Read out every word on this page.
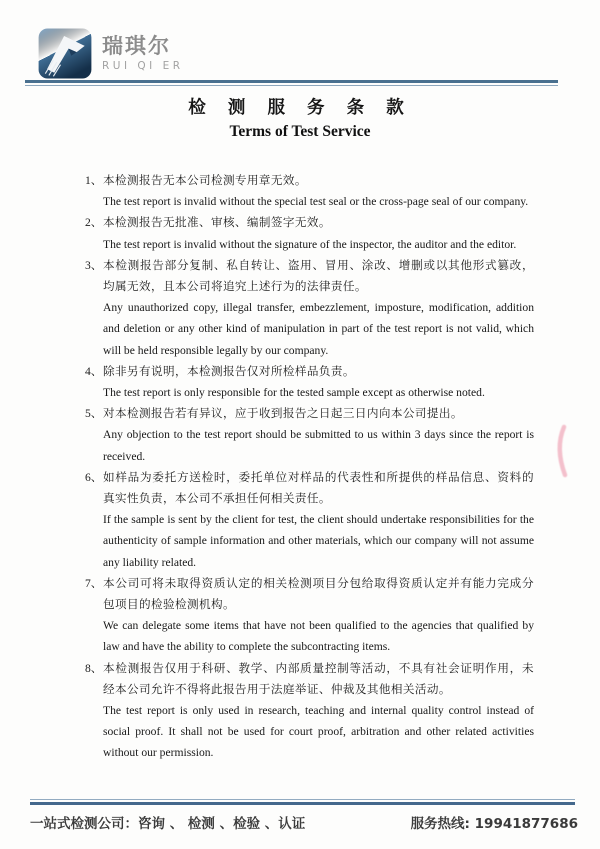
瑞琪尔
RUI QI ER
检 测 服 务 条 款
Terms of Test Service
1、 本检测报告无本公司检测专用章无效。
The test report is invalid without the special test seal or the cross-page seal of our company.
2、 本检测报告无批准、审核、编制签字无效。
The test report is invalid without the signature of the inspector, the auditor and the editor.
3、 本检测报告部分复制、私自转让、盗用、冒用、涂改、增删或以其他形式篡改，均属无效，且本公司将追究上述行为的法律责任。
Any unauthorized copy, illegal transfer, embezzlement, imposture, modification, addition and deletion or any other kind of manipulation in part of the test report is not valid, which will be held responsible legally by our company.
4、 除非另有说明，本检测报告仅对所检样品负责。
The test report is only responsible for the tested sample except as otherwise noted.
5、 对本检测报告若有异议，应于收到报告之日起三日内向本公司提出。
Any objection to the test report should be submitted to us within 3 days since the report is received.
6、 如样品为委托方送检时，委托单位对样品的代表性和所提供的样品信息、资料的真实性负责，本公司不承担任何相关责任。
If the sample is sent by the client for test, the client should undertake responsibilities for the authenticity of sample information and other materials, which our company will not assume any liability related.
7、 本公司可将未取得资质认定的相关检测项目分包给取得资质认定并有能力完成分包项目的检验检测机构。
We can delegate some items that have not been qualified to the agencies that qualified by law and have the ability to complete the subcontracting items.
8、 本检测报告仅用于科研、教学、内部质量控制等活动，不具有社会证明作用，未经本公司允许不得将此报告用于法庭举证、仲裁及其他相关活动。
The test report is only used in research, teaching and internal quality control instead of social proof. It shall not be used for court proof, arbitration and other related activities without our permission.
一站式检测公司：咨询 、 检测 、检验 、认证	服务热线: 19941877686
